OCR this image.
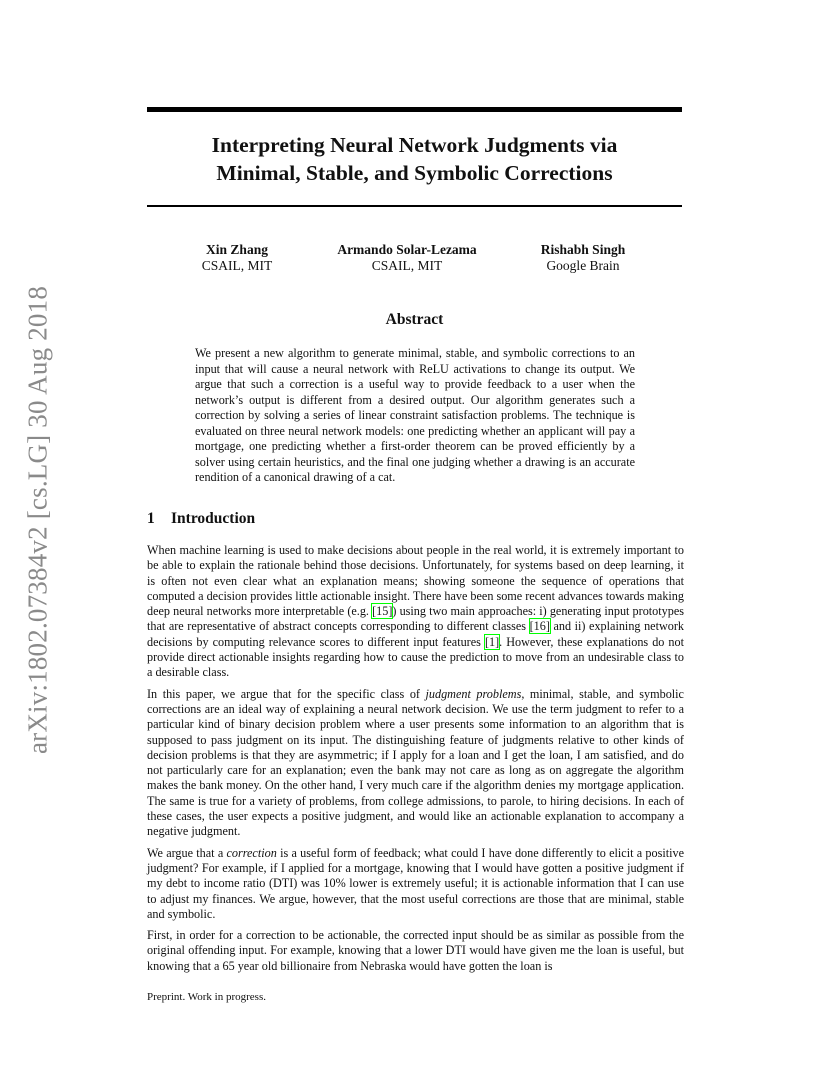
arXiv:1802.07384v2 [cs.LG] 30 Aug 2018
Interpreting Neural Network Judgments via
Minimal, Stable, and Symbolic Corrections
Xin Zhang
CSAIL, MIT
Armando Solar-Lezama
CSAIL, MIT
Rishabh Singh
Google Brain
Abstract

We present a new algorithm to generate minimal, stable, and symbolic corrections to an input that will cause a neural network with ReLU activations to change its output. We argue that such a correction is a useful way to provide feedback to a user when the network’s output is different from a desired output. Our algorithm generates such a correction by solving a series of linear constraint satisfaction problems. The technique is evaluated on three neural network models: one predicting whether an applicant will pay a mortgage, one predicting whether a first-order theorem can be proved efficiently by a solver using certain heuristics, and the final one judging whether a drawing is an accurate rendition of a canonical drawing of a cat.

1 Introduction

When machine learning is used to make decisions about people in the real world, it is extremely important to be able to explain the rationale behind those decisions. Unfortunately, for systems based on deep learning, it is often not even clear what an explanation means; showing someone the sequence of operations that computed a decision provides little actionable insight. There have been some recent advances towards making deep neural networks more interpretable (e.g. [15]) using two main approaches: i) generating input prototypes that are representative of abstract concepts corresponding to different classes [16] and ii) explaining network decisions by computing relevance scores to different input features [1]. However, these explanations do not provide direct actionable insights regarding how to cause the prediction to move from an undesirable class to a desirable class.

In this paper, we argue that for the specific class of judgment problems, minimal, stable, and symbolic corrections are an ideal way of explaining a neural network decision. We use the term judgment to refer to a particular kind of binary decision problem where a user presents some information to an algorithm that is supposed to pass judgment on its input. The distinguishing feature of judgments relative to other kinds of decision problems is that they are asymmetric; if I apply for a loan and I get the loan, I am satisfied, and do not particularly care for an explanation; even the bank may not care as long as on aggregate the algorithm makes the bank money. On the other hand, I very much care if the algorithm denies my mortgage application. The same is true for a variety of problems, from college admissions, to parole, to hiring decisions. In each of these cases, the user expects a positive judgment, and would like an actionable explanation to accompany a negative judgment.

We argue that a correction is a useful form of feedback; what could I have done differently to elicit a positive judgment? For example, if I applied for a mortgage, knowing that I would have gotten a positive judgment if my debt to income ratio (DTI) was 10% lower is extremely useful; it is actionable information that I can use to adjust my finances. We argue, however, that the most useful corrections are those that are minimal, stable and symbolic.

First, in order for a correction to be actionable, the corrected input should be as similar as possible from the original offending input. For example, knowing that a lower DTI would have given me the loan is useful, but knowing that a 65 year old billionaire from Nebraska would have gotten the loan is

Preprint. Work in progress.
